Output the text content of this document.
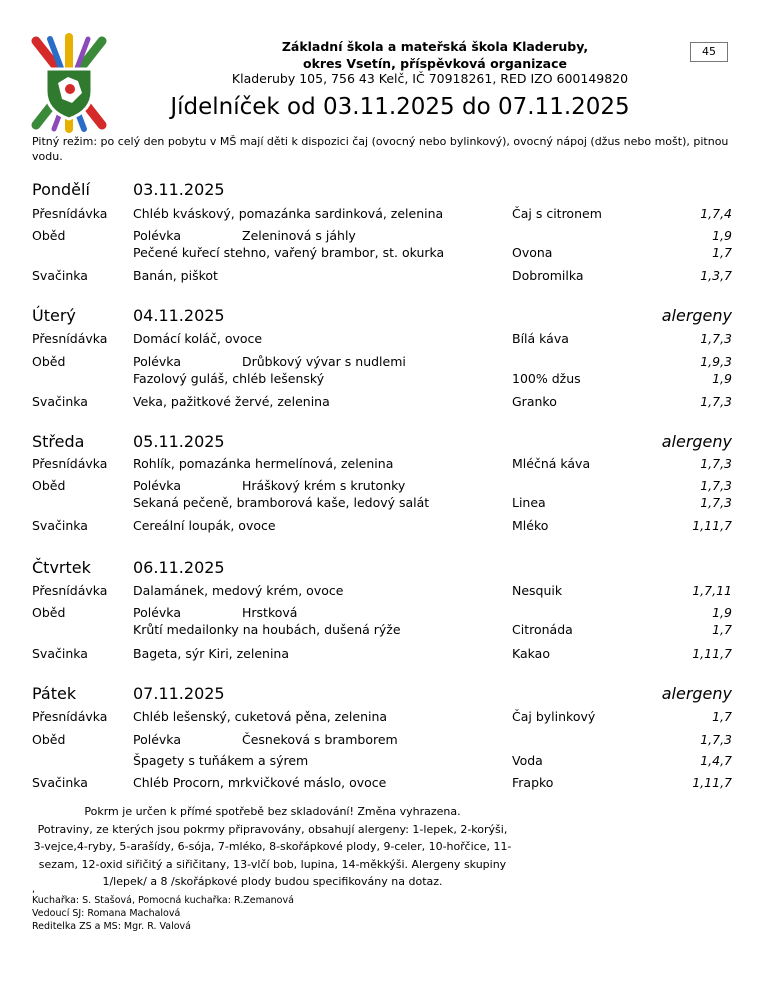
Základní škola a mateřská škola Kladeruby,
okres Vsetín, příspěvková organizace
Kladeruby 105, 756 43 Kelč, IČ 70918261, RED IZO 600149820
45
Jídelníček od 03.11.2025 do 07.11.2025
Pitný režim: po celý den pobytu v MŠ mají děti k dispozici čaj (ovocný nebo bylinkový), ovocný nápoj (džus nebo mošt), pitnou vodu.
Pondělí	03.11.2025
Přesnídávka Chléb kváskový, pomazánka sardinková, zelenina	Čaj s citronem	1,7,4
Oběd	Polévka	Zeleninová s jáhly	1,9
Pečené kuřecí stehno, vařený brambor, st. okurka	Ovona	1,7
Svačinka	Banán, piškot	Dobromilka	1,3,7
Úterý	04.11.2025	alergeny
Přesnídávka Domácí koláč, ovoce	Bílá káva	1,7,3
Oběd	Polévka	Drůbkový vývar s nudlemi	1,9,3
Fazolový guláš, chléb lešenský	100% džus	1,9
Svačinka	Veka, pažitkové žervé, zelenina	Granko	1,7,3
Středa	05.11.2025	alergeny
Přesnídávka Rohlík, pomazánka hermelínová, zelenina	Mléčná káva	1,7,3
Oběd	Polévka	Hráškový krém s krutonky	1,7,3
Sekaná pečeně, bramborová kaše, ledový salát	Linea	1,7,3
Svačinka	Cereální loupák, ovoce	Mléko	1,11,7
Čtvrtek	06.11.2025
Přesnídávka Dalamánek, medový krém, ovoce	Nesquik	1,7,11
Oběd	Polévka	Hrstková	1,9
Krůtí medailonky na houbách, dušená rýže	Citronáda	1,7
Svačinka	Bageta, sýr Kiri, zelenina	Kakao	1,11,7
Pátek	07.11.2025	alergeny
Přesnídávka Chléb lešenský, cuketová pěna, zelenina	Čaj bylinkový	1,7
Oběd	Polévka	Česneková s bramborem	1,7,3
Špagety s tuňákem a sýrem	Voda	1,4,7
Svačinka	Chléb Procorn, mrkvičkové máslo, ovoce	Frapko	1,11,7
Pokrm je určen k přímé spotřebě bez skladování! Změna vyhrazena.
Potraviny, ze kterých jsou pokrmy připravovány, obsahují alergeny: 1-lepek, 2-korýši,
3-vejce,4-ryby, 5-arašídy, 6-sója, 7-mléko, 8-skořápkové plody, 9-celer, 10-hořčice, 11-
sezam, 12-oxid siřičitý a siřičitany, 13-vlčí bob, lupina, 14-měkkýši. Alergeny skupiny
1/lepek/ a 8 /skořápkové plody budou specifikovány na dotaz.
,
Kuchařka: S. Stašová, Pomocná kuchařka: R.Zemanová
Vedoucí SJ: Romana Machalová
Reditelka ZS a MS: Mgr. R. Valová
